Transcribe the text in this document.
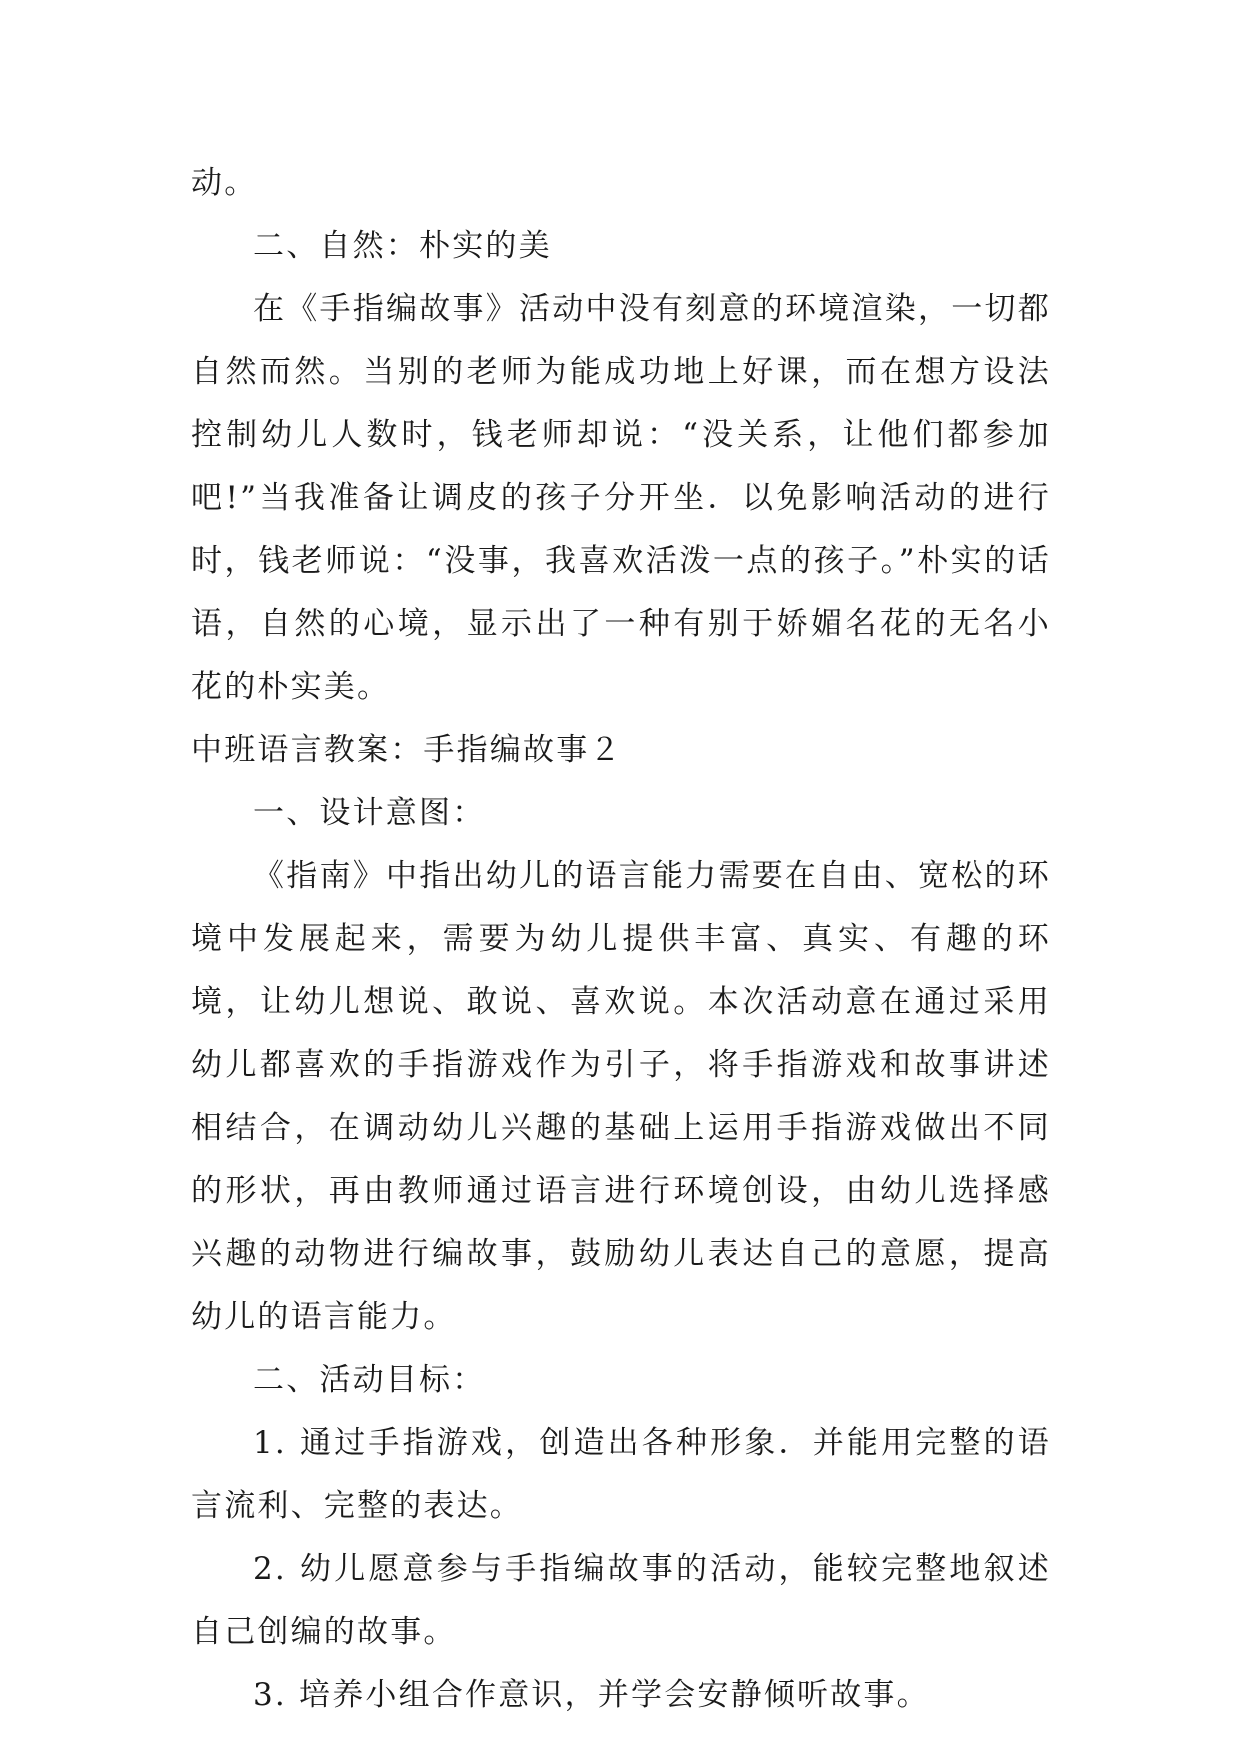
动。

二、自然：朴实的美

在《手指编故事》活动中没有刻意的环境渲染，一切都自然而然。当别的老师为能成功地上好课，而在想方设法控制幼儿人数时，钱老师却说：“没关系，让他们都参加吧!”当我准备让调皮的孩子分开坐．以免影响活动的进行时，钱老师说：“没事，我喜欢活泼一点的孩子。”朴实的话语，自然的心境，显示出了一种有别于娇媚名花的无名小花的朴实美。

中班语言教案：手指编故事２

一、设计意图：

《指南》中指出幼儿的语言能力需要在自由、宽松的环境中发展起来，需要为幼儿提供丰富、真实、有趣的环境，让幼儿想说、敢说、喜欢说。本次活动意在通过采用幼儿都喜欢的手指游戏作为引子，将手指游戏和故事讲述相结合，在调动幼儿兴趣的基础上运用手指游戏做出不同的形状，再由教师通过语言进行环境创设，由幼儿选择感兴趣的动物进行编故事，鼓励幼儿表达自己的意愿，提高幼儿的语言能力。

二、活动目标：

1. 通过手指游戏，创造出各种形象．并能用完整的语言流利、完整的表达。

2. 幼儿愿意参与手指编故事的活动，能较完整地叙述自己创编的故事。

3. 培养小组合作意识，并学会安静倾听故事。
